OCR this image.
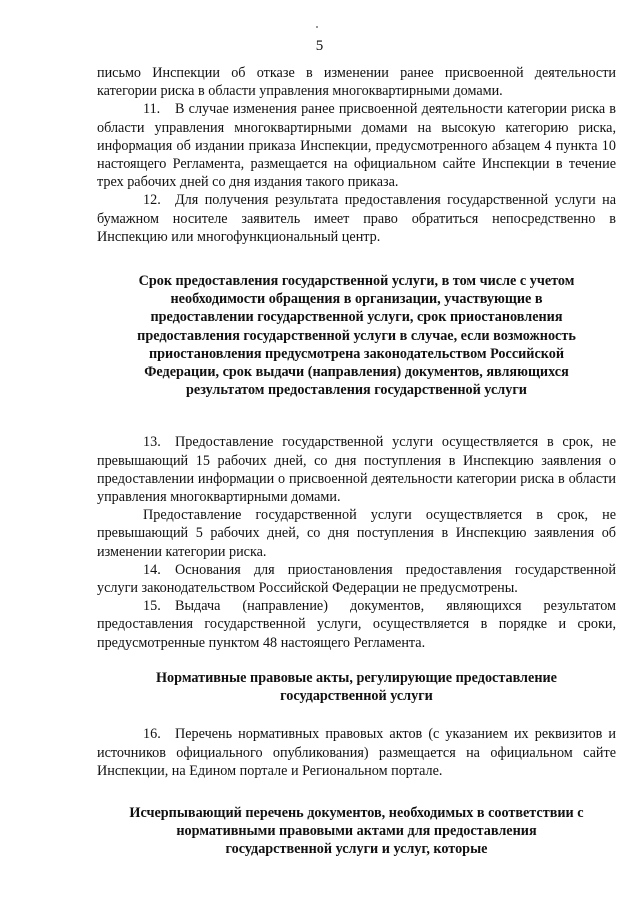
5

письмо Инспекции об отказе в изменении ранее присвоенной деятельности категории риска в области управления многоквартирными домами.

11. В случае изменения ранее присвоенной деятельности категории риска в области управления многоквартирными домами на высокую категорию риска, информация об издании приказа Инспекции, предусмотренного абзацем 4 пункта 10 настоящего Регламента, размещается на официальном сайте Инспекции в течение трех рабочих дней со дня издания такого приказа.

12. Для получения результата предоставления государственной услуги на бумажном носителе заявитель имеет право обратиться непосредственно в Инспекцию или многофункциональный центр.

Срок предоставления государственной услуги, в том числе с учетом необходимости обращения в организации, участвующие в предоставлении государственной услуги, срок приостановления предоставления государственной услуги в случае, если возможность приостановления предусмотрена законодательством Российской Федерации, срок выдачи (направления) документов, являющихся результатом предоставления государственной услуги

13. Предоставление государственной услуги осуществляется в срок, не превышающий 15 рабочих дней, со дня поступления в Инспекцию заявления о предоставлении информации о присвоенной деятельности категории риска в области управления многоквартирными домами.

Предоставление государственной услуги осуществляется в срок, не превышающий 5 рабочих дней, со дня поступления в Инспекцию заявления об изменении категории риска.

14. Основания для приостановления предоставления государственной услуги законодательством Российской Федерации не предусмотрены.

15. Выдача (направление) документов, являющихся результатом предоставления государственной услуги, осуществляется в порядке и сроки, предусмотренные пунктом 48 настоящего Регламента.

Нормативные правовые акты, регулирующие предоставление государственной услуги

16. Перечень нормативных правовых актов (с указанием их реквизитов и источников официального опубликования) размещается на официальном сайте Инспекции, на Едином портале и Региональном портале.

Исчерпывающий перечень документов, необходимых в соответствии с нормативными правовыми актами для предоставления государственной услуги и услуг, которые
